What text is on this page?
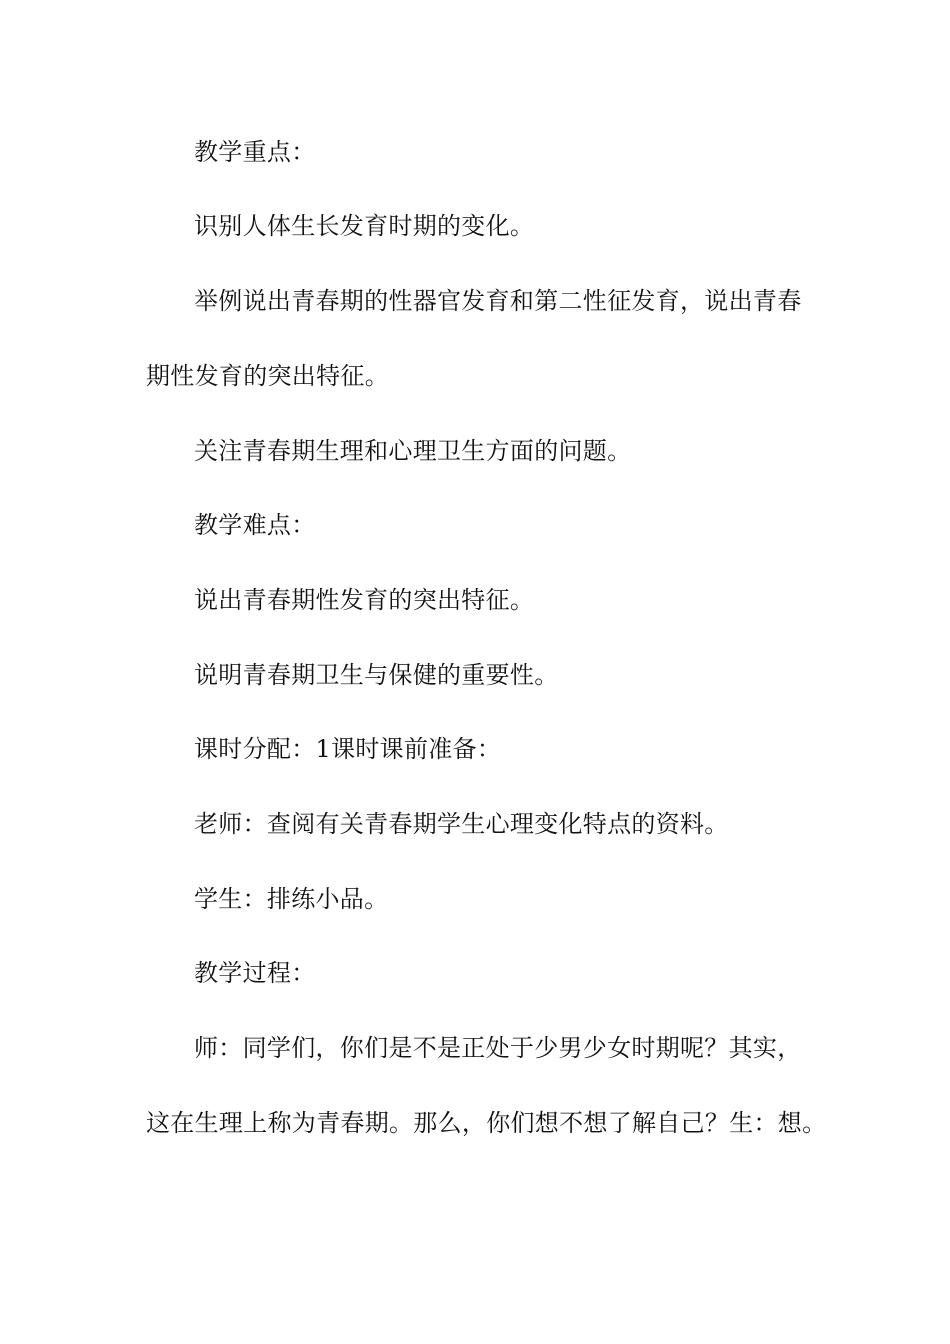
教学重点：
识别人体生长发育时期的变化。
举例说出青春期的性器官发育和第二性征发育，说出青春
期性发育的突出特征。
关注青春期生理和心理卫生方面的问题。
教学难点：
说出青春期性发育的突出特征。
说明青春期卫生与保健的重要性。
课时分配：1课时课前准备：
老师：查阅有关青春期学生心理变化特点的资料。
学生：排练小品。
教学过程：
师：同学们，你们是不是正处于少男少女时期呢？其实，
这在生理上称为青春期。那么，你们想不想了解自己？生：想。
